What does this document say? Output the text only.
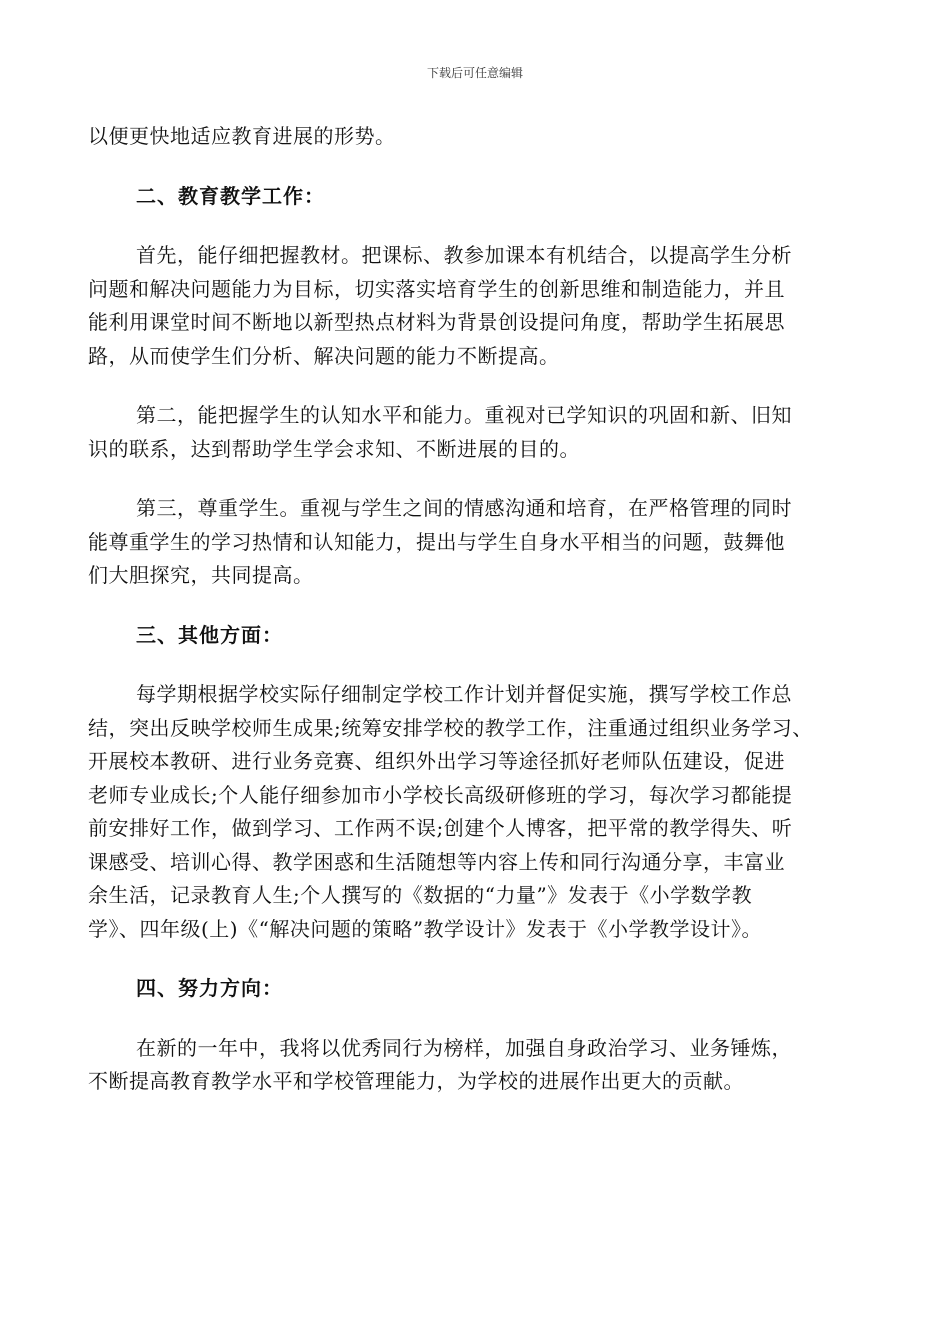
下载后可任意编辑
以便更快地适应教育进展的形势。
二、教育教学工作：
首先，能仔细把握教材。把课标、教参加课本有机结合，以提高学生分析
问题和解决问题能力为目标，切实落实培育学生的创新思维和制造能力，并且
能利用课堂时间不断地以新型热点材料为背景创设提问角度，帮助学生拓展思
路，从而使学生们分析、解决问题的能力不断提高。
第二，能把握学生的认知水平和能力。重视对已学知识的巩固和新、旧知
识的联系，达到帮助学生学会求知、不断进展的目的。
第三，尊重学生。重视与学生之间的情感沟通和培育，在严格管理的同时
能尊重学生的学习热情和认知能力，提出与学生自身水平相当的问题，鼓舞他
们大胆探究，共同提高。
三、其他方面：
每学期根据学校实际仔细制定学校工作计划并督促实施，撰写学校工作总
结，突出反映学校师生成果;统筹安排学校的教学工作，注重通过组织业务学习、
开展校本教研、进行业务竞赛、组织外出学习等途径抓好老师队伍建设，促进
老师专业成长;个人能仔细参加市小学校长高级研修班的学习，每次学习都能提
前安排好工作，做到学习、工作两不误;创建个人博客，把平常的教学得失、听
课感受、培训心得、教学困惑和生活随想等内容上传和同行沟通分享，丰富业
余生活，记录教育人生;个人撰写的《数据的“力量”》发表于《小学数学教
学》、四年级(上)《“解决问题的策略”教学设计》发表于《小学教学设计》。
四、努力方向：
在新的一年中，我将以优秀同行为榜样，加强自身政治学习、业务锤炼，
不断提高教育教学水平和学校管理能力，为学校的进展作出更大的贡献。
